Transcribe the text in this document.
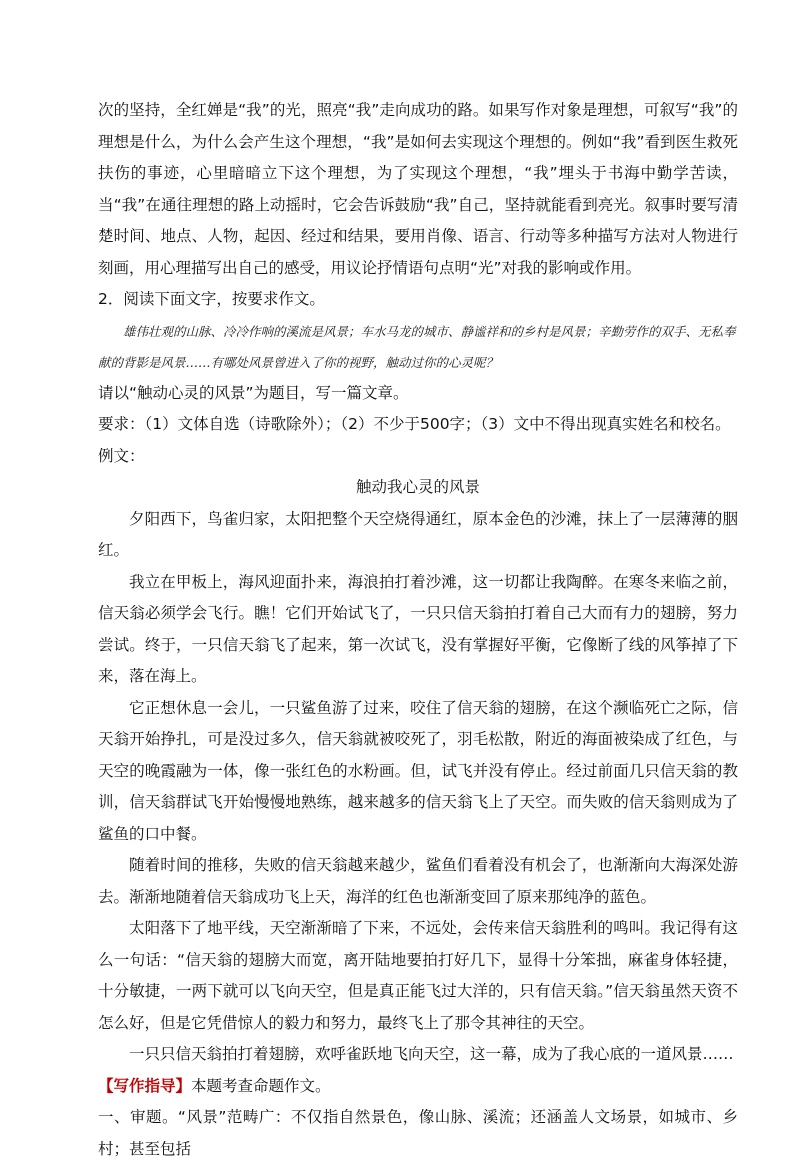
次的坚持，全红婵是“我”的光，照亮“我”走向成功的路。如果写作对象是理想，可叙写“我”的理想是什么，为什么会产生这个理想，“我”是如何去实现这个理想的。例如“我”看到医生救死扶伤的事迹，心里暗暗立下这个理想，为了实现这个理想，“我”埋头于书海中勤学苦读，当“我”在通往理想的路上动摇时，它会告诉鼓励“我”自己，坚持就能看到亮光。叙事时要写清楚时间、地点、人物，起因、经过和结果，要用肖像、语言、行动等多种描写方法对人物进行刻画，用心理描写出自己的感受，用议论抒情语句点明“光”对我的影响或作用。

2．阅读下面文字，按要求作文。

雄伟壮观的山脉、冷冷作响的溪流是风景；车水马龙的城市、静谧祥和的乡村是风景；辛勤劳作的双手、无私奉献的背影是风景……有哪处风景曾进入了你的视野，触动过你的心灵呢？

请以“触动心灵的风景”为题目，写一篇文章。

要求：（1）文体自选（诗歌除外）；（2）不少于500字；（3）文中不得出现真实姓名和校名。

例文：

触动我心灵的风景

夕阳西下，鸟雀归家，太阳把整个天空烧得通红，原本金色的沙滩，抹上了一层薄薄的胭红。

我立在甲板上，海风迎面扑来，海浪拍打着沙滩，这一切都让我陶醉。在寒冬来临之前，信天翁必须学会飞行。瞧！它们开始试飞了，一只只信天翁拍打着自己大而有力的翅膀，努力尝试。终于，一只信天翁飞了起来，第一次试飞，没有掌握好平衡，它像断了线的风筝掉了下来，落在海上。

它正想休息一会儿，一只鲨鱼游了过来，咬住了信天翁的翅膀，在这个濒临死亡之际，信天翁开始挣扎，可是没过多久，信天翁就被咬死了，羽毛松散，附近的海面被染成了红色，与天空的晚霞融为一体，像一张红色的水粉画。但，试飞并没有停止。经过前面几只信天翁的教训，信天翁群试飞开始慢慢地熟练，越来越多的信天翁飞上了天空。而失败的信天翁则成为了鲨鱼的口中餐。

随着时间的推移，失败的信天翁越来越少，鲨鱼们看着没有机会了，也渐渐向大海深处游去。渐渐地随着信天翁成功飞上天，海洋的红色也渐渐变回了原来那纯净的蓝色。

太阳落下了地平线，天空渐渐暗了下来，不远处，会传来信天翁胜利的鸣叫。我记得有这么一句话：“信天翁的翅膀大而宽，离开陆地要拍打好几下，显得十分笨拙，麻雀身体轻捷，十分敏捷，一两下就可以飞向天空，但是真正能飞过大洋的，只有信天翁。”信天翁虽然天资不怎么好，但是它凭借惊人的毅力和努力，最终飞上了那令其神往的天空。

一只只信天翁拍打着翅膀，欢呼雀跃地飞向天空，这一幕，成为了我心底的一道风景……

【写作指导】本题考查命题作文。

一、审题。“风景”范畴广：不仅指自然景色，像山脉、溪流；还涵盖人文场景，如城市、乡村；甚至包括
